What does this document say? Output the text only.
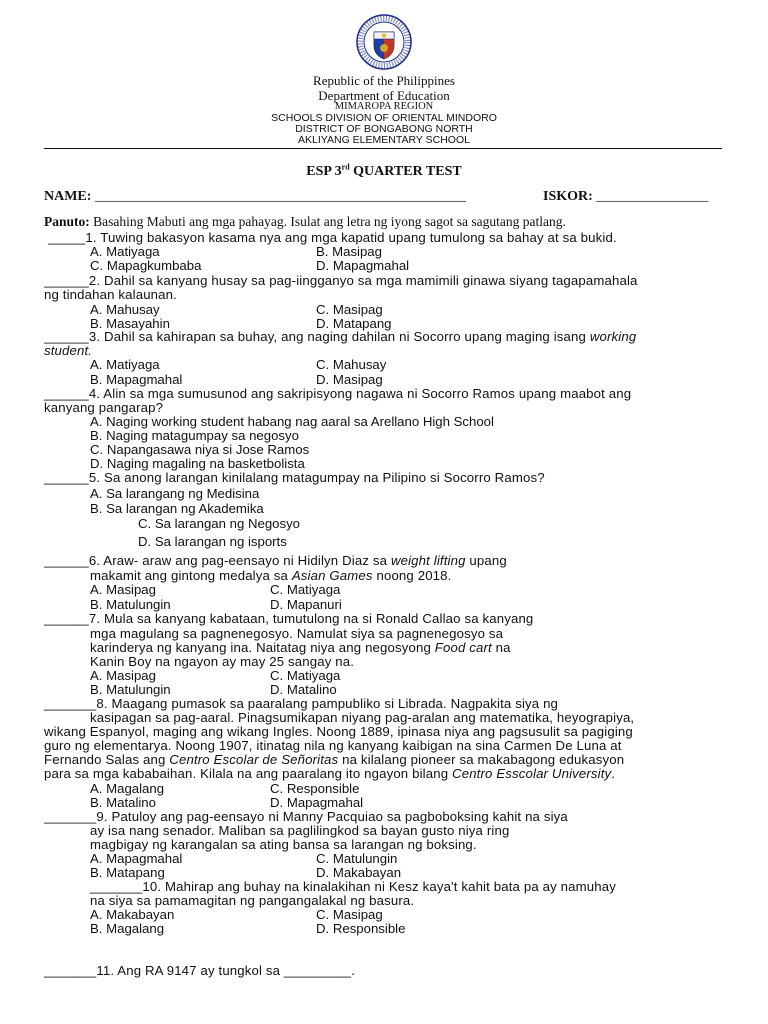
Republic of the Philippines
Department of Education
MIMAROPA REGION
SCHOOLS DIVISION OF ORIENTAL MINDORO
DISTRICT OF BONGABONG NORTH
AKLIYANG ELEMENTARY SCHOOL
ESP 3rd QUARTER TEST
NAME: _____________________________________________________	ISKOR: ________________
Panuto: Basahing Mabuti ang mga pahayag. Isulat ang letra ng iyong sagot sa sagutang patlang.
_____1. Tuwing bakasyon kasama nya ang mga kapatid upang tumulong sa bahay at sa bukid.
A. Matiyaga	B. Masipag
C. Mapagkumbaba	D. Mapagmahal
______2. Dahil sa kanyang husay sa pag-iingganyo sa mga mamimili ginawa siyang tagapamahala
ng tindahan kalaunan.
A. Mahusay	C. Masipag
B. Masayahin	D. Matapang
______3. Dahil sa kahirapan sa buhay, ang naging dahilan ni Socorro upang maging isang working
student.
A. Matiyaga	C. Mahusay
B. Mapagmahal	D. Masipag
______4. Alin sa mga sumusunod ang sakripisyong nagawa ni Socorro Ramos upang maabot ang
kanyang pangarap?
A. Naging working student habang nag aaral sa Arellano High School
B. Naging matagumpay sa negosyo
C. Napangasawa niya si Jose Ramos
D. Naging magaling na basketbolista
______5. Sa anong larangan kinilalang matagumpay na Pilipino si Socorro Ramos?
A. Sa larangang ng Medisina
B. Sa larangan ng Akademika
C. Sa larangan ng Negosyo
D. Sa larangan ng isports
______6. Araw- araw ang pag-eensayo ni Hidilyn Diaz sa weight lifting upang
makamit ang gintong medalya sa Asian Games noong 2018.
A. Masipag	C. Matiyaga
B. Matulungin	D. Mapanuri
______7. Mula sa kanyang kabataan, tumutulong na si Ronald Callao sa kanyang
mga magulang sa pagnenegosyo. Namulat siya sa pagnenegosyo sa
karinderya ng kanyang ina. Naitatag niya ang negosyong Food cart na
Kanin Boy na ngayon ay may 25 sangay na.
A. Masipag	C. Matiyaga
B. Matulungin	D. Matalino
_______8. Maagang pumasok sa paaralang pampubliko si Librada. Nagpakita siya ng
kasipagan sa pag-aaral. Pinagsumikapan niyang pag-aralan ang matematika, heyograpiya,
wikang Espanyol, maging ang wikang Ingles. Noong 1889, ipinasa niya ang pagsusulit sa pagiging
guro ng elementarya. Noong 1907, itinatag nila ng kanyang kaibigan na sina Carmen De Luna at
Fernando Salas ang Centro Escolar de Señoritas na kilalang pioneer sa makabagong edukasyon
para sa mga kababaihan. Kilala na ang paaralang ito ngayon bilang Centro Esscolar University.
A. Magalang	C. Responsible
B. Matalino	D. Mapagmahal
_______9. Patuloy ang pag-eensayo ni Manny Pacquiao sa pagboboksing kahit na siya
ay isa nang senador. Maliban sa paglilingkod sa bayan gusto niya ring
magbigay ng karangalan sa ating bansa sa larangan ng boksing.
A. Mapagmahal	C. Matulungin
B. Matapang	D. Makabayan
_______10. Mahirap ang buhay na kinalakihan ni Kesz kaya't kahit bata pa ay namuhay
na siya sa pamamagitan ng pangangalakal ng basura.
A. Makabayan	C. Masipag
B. Magalang	D. Responsible
_______11. Ang RA 9147 ay tungkol sa _________.
